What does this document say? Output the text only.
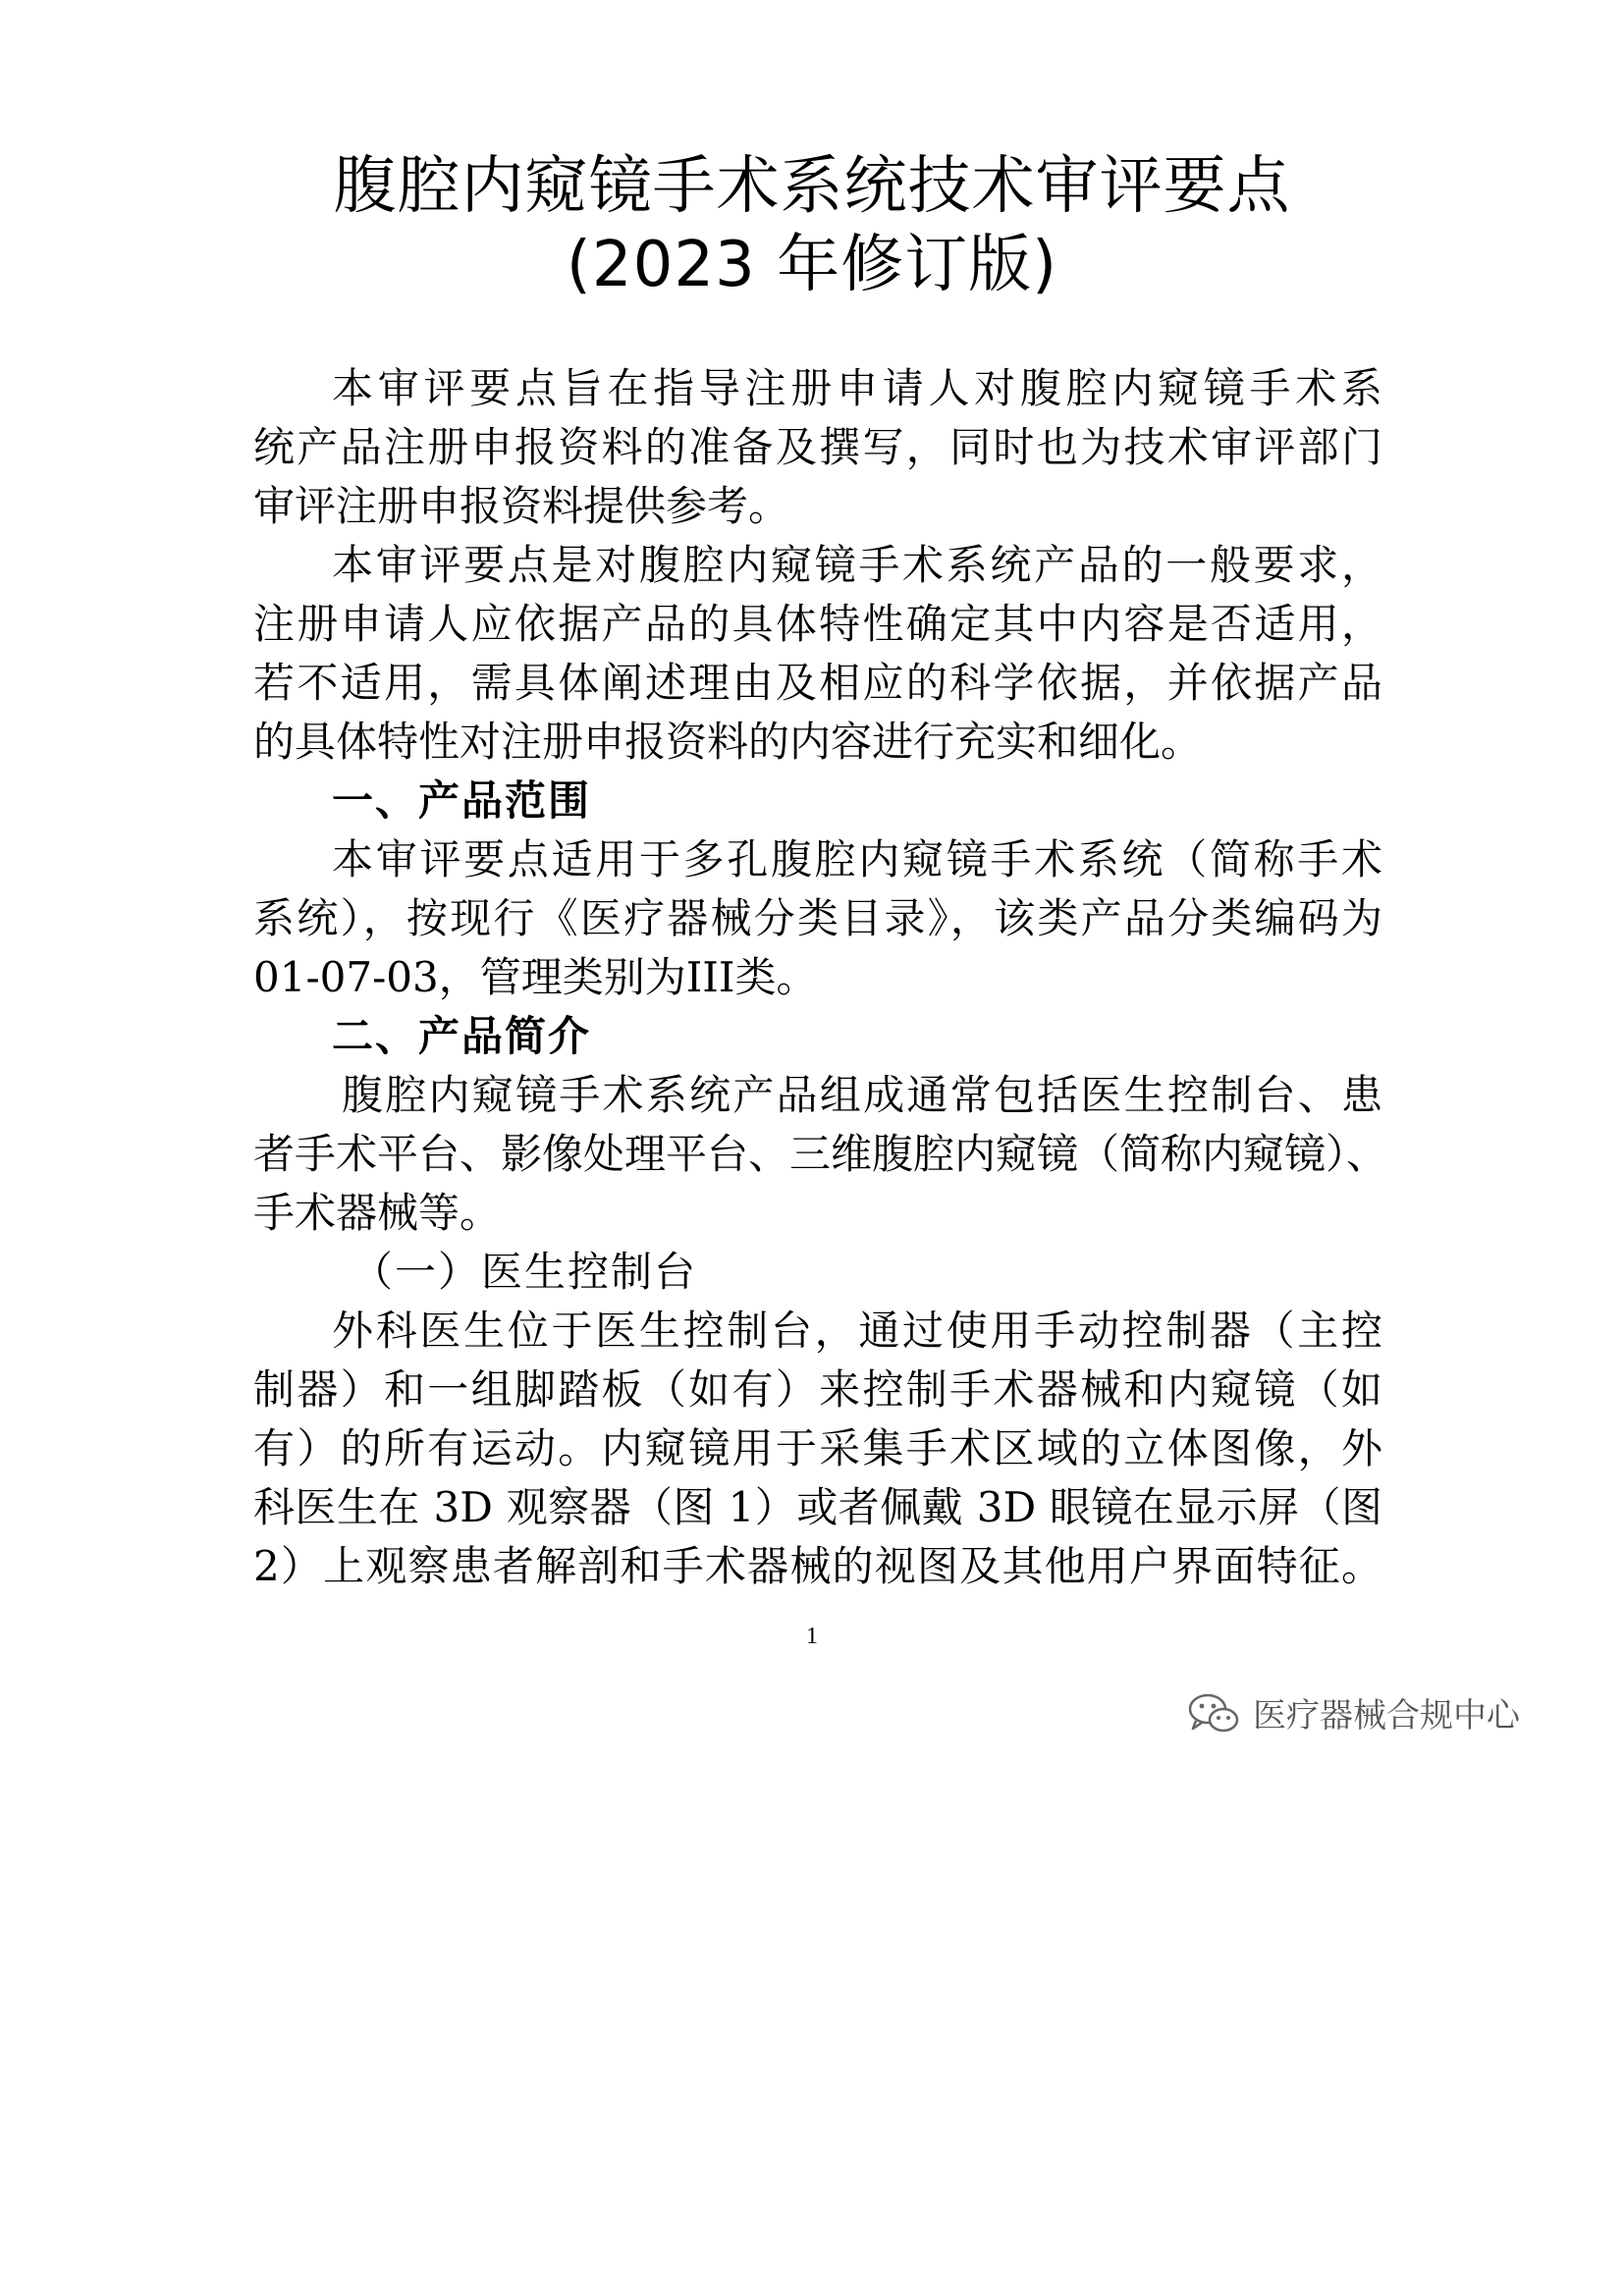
腹腔内窥镜手术系统技术审评要点
(2023 年修订版)
本审评要点旨在指导注册申请人对腹腔内窥镜手术系
统产品注册申报资料的准备及撰写，同时也为技术审评部门
审评注册申报资料提供参考。
本审评要点是对腹腔内窥镜手术系统产品的一般要求，
注册申请人应依据产品的具体特性确定其中内容是否适用，
若不适用，需具体阐述理由及相应的科学依据，并依据产品
的具体特性对注册申报资料的内容进行充实和细化。
一、产品范围
本审评要点适用于多孔腹腔内窥镜手术系统（简称手术
系统），按现行《医疗器械分类目录》，该类产品分类编码为
01-07-03，管理类别为III类。
二、产品简介
腹腔内窥镜手术系统产品组成通常包括医生控制台、患
者手术平台、影像处理平台、三维腹腔内窥镜（简称内窥镜）、
手术器械等。
（一）医生控制台
外科医生位于医生控制台，通过使用手动控制器（主控
制器）和一组脚踏板（如有）来控制手术器械和内窥镜（如
有）的所有运动。内窥镜用于采集手术区域的立体图像，外
科医生在 3D 观察器（图 1）或者佩戴 3D 眼镜在显示屏（图
2）上观察患者解剖和手术器械的视图及其他用户界面特征。
1
医疗器械合规中心
